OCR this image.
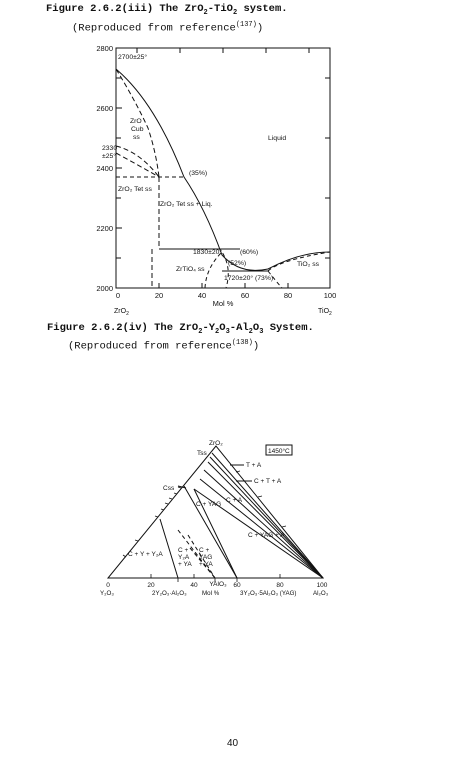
Figure 2.6.2(iii) The ZrO$_2$-TiO$_2$ system.
(Reproduced from reference$^{(137)}$)
2800
2600
2400
2200
2000
0	20	40	60	80	100
Mol %
2700±25°
ZrO
Cub
ss
2330
±25°
Liquid
(35%)
ZrO₂ Tet ss
ZrO₂ Tet ss + Liq.
1830±20°	(60%)
(52%)
ZrTiO₄ ss
1720±20° (73%)
TiO₂ ss
ZrO$_2$	TiO$_2$
Figure 2.6.2(iv) The $ZrO_2-Y_2O_3-Al_2O_3$ System.
(Reproduced from reference$^{(138)}$)
ZrO₂
1450°C
Tss
T + A
C + T + A
Css
C + A
C + YAG
C + YAG + A
C + Y + Y₂A
C +
Y₂A
+ YA
C +
YAG
+ YA
0	20	40	60	80	100
YAlO₃
Y₂O₃	2Y₂O₃·Al₂O₃ Mol %	3Y₂O₃·5Al₂O₃ (YAG)	Al₂O₃
40
